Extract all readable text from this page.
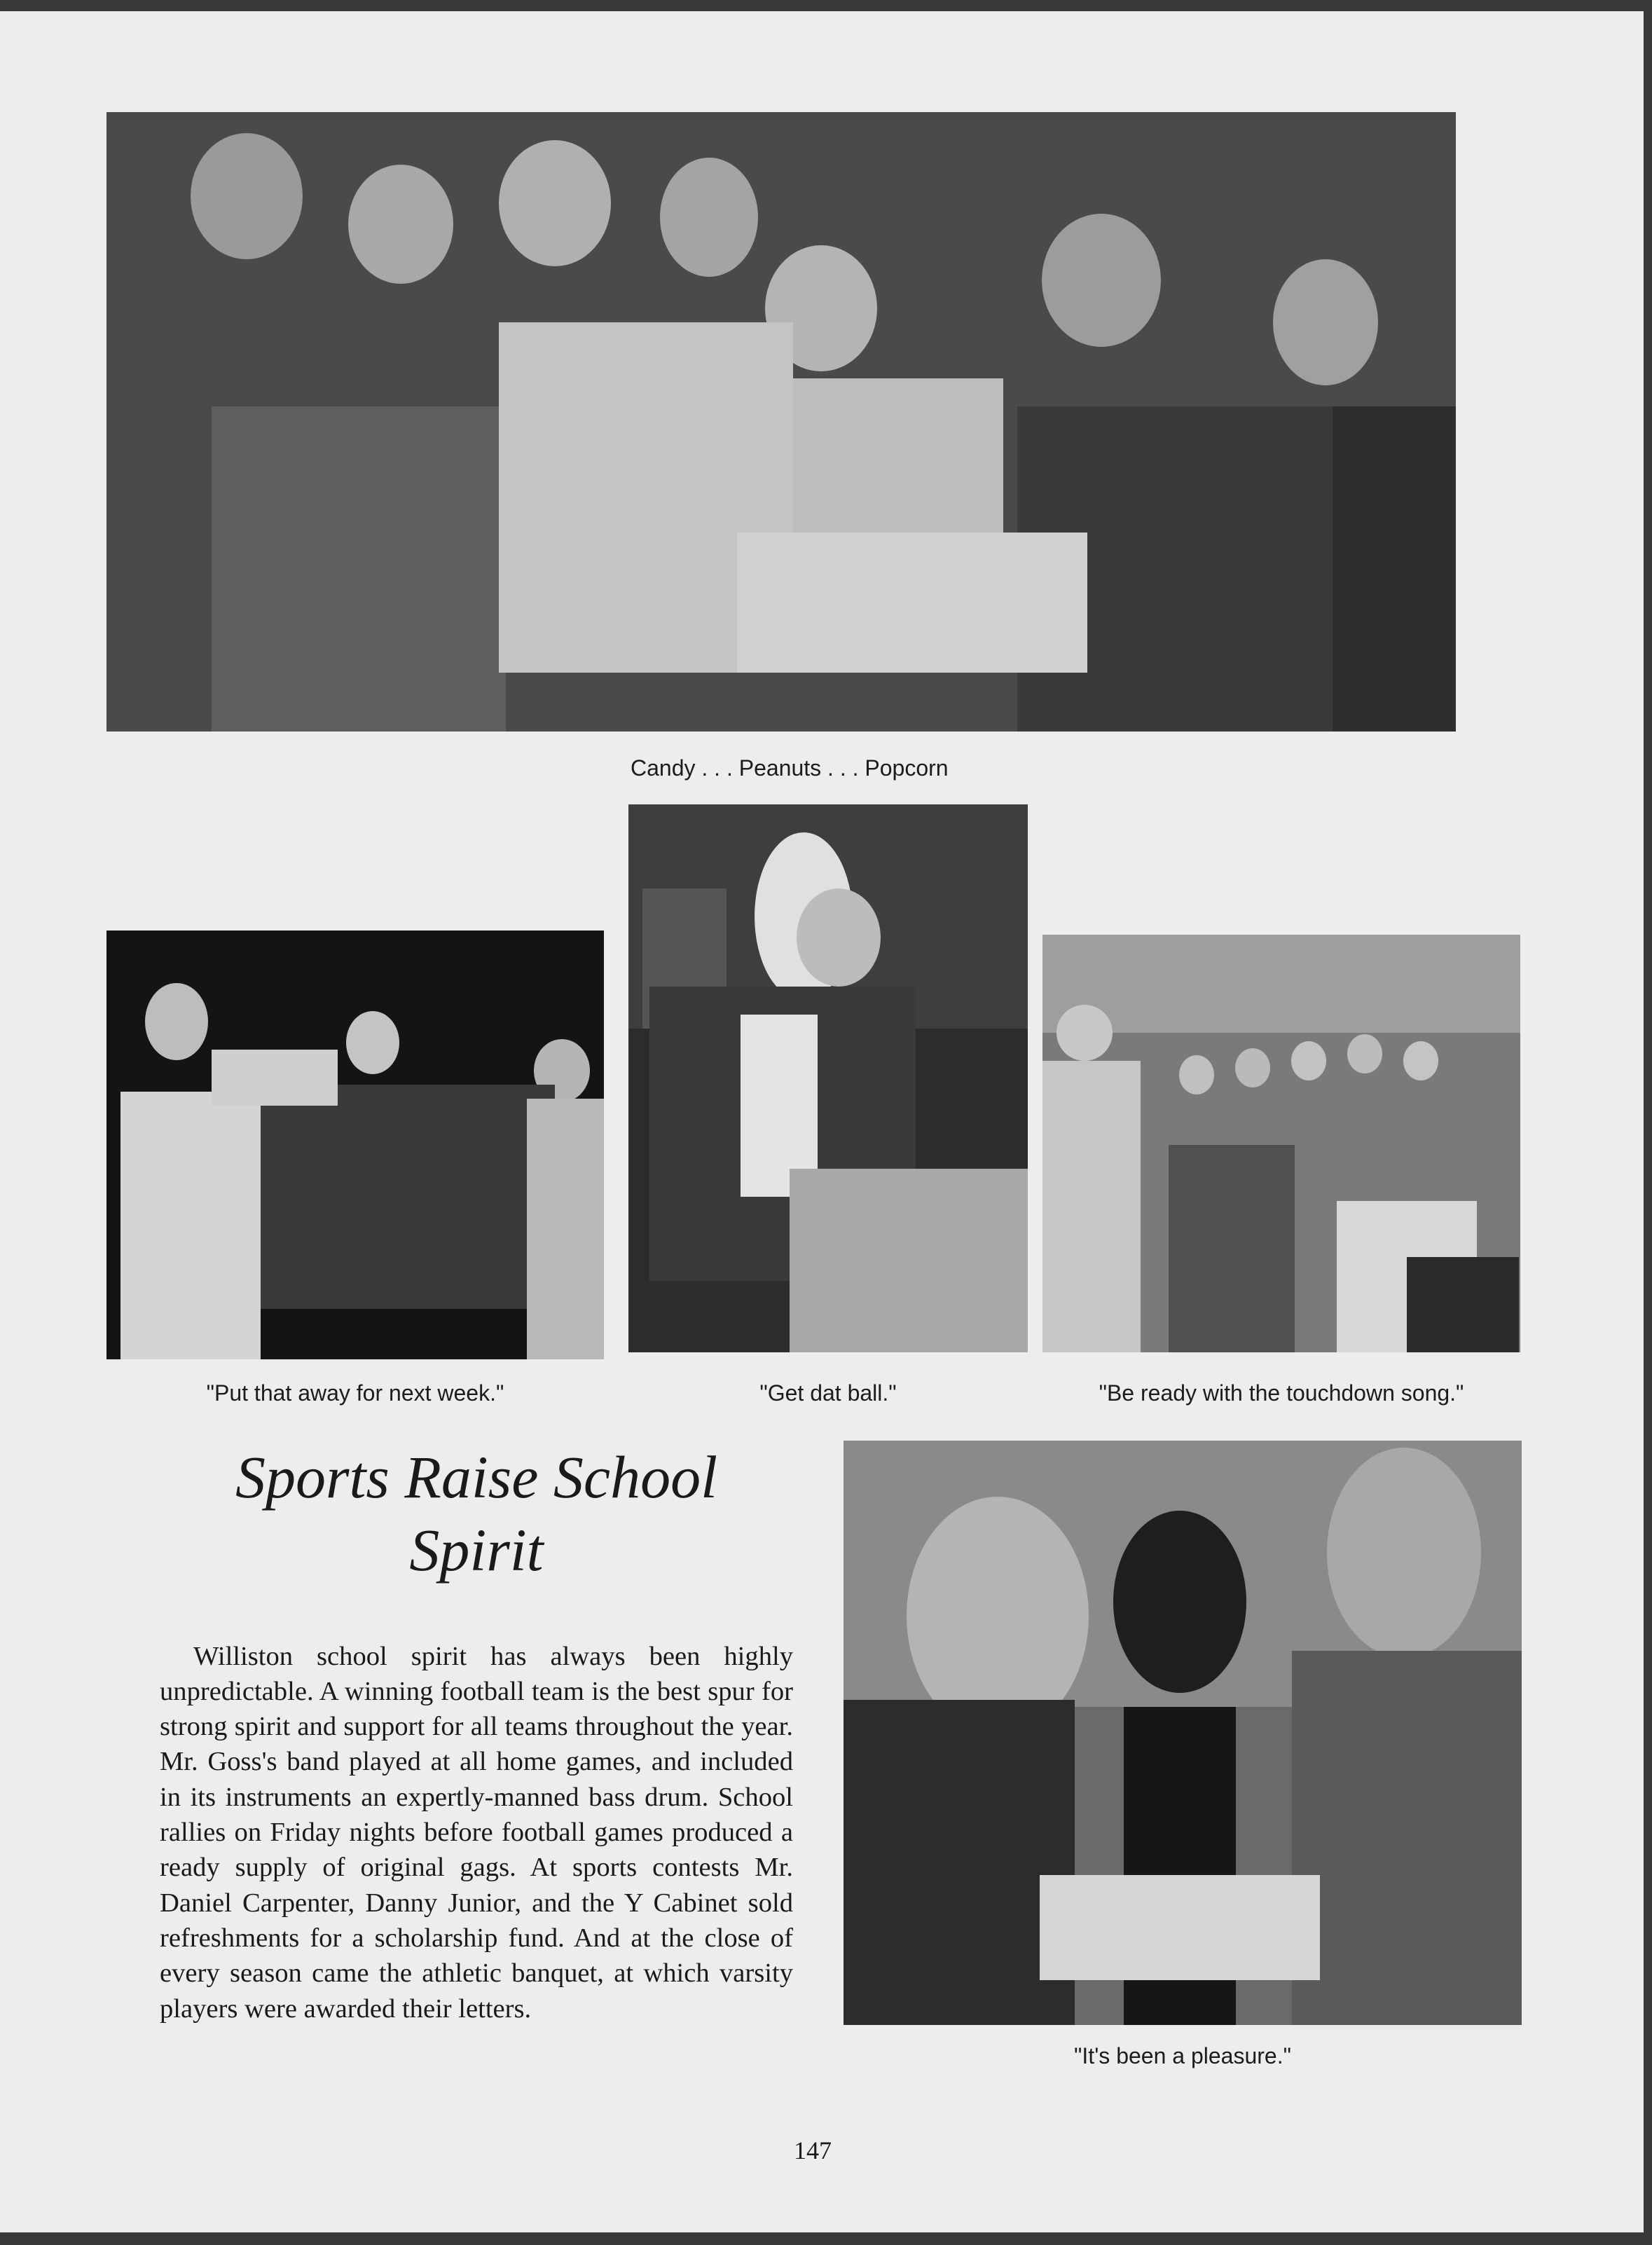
Candy . . . Peanuts . . . Popcorn
"Put that away for next week."	"Get dat ball."	"Be ready with the touchdown song."
Sports Raise School
Spirit

Williston school spirit has always been highly unpredictable. A winning football team is the best spur for strong spirit and support for all teams throughout the year. Mr. Goss's band played at all home games, and included in its instruments an expertly-manned bass drum. School rallies on Friday nights before football games produced a ready supply of original gags. At sports contests Mr. Daniel Carpenter, Danny Junior, and the Y Cabinet sold refreshments for a scholarship fund. And at the close of every season came the athletic banquet, at which varsity players were awarded their letters.

"It's been a pleasure."
147
